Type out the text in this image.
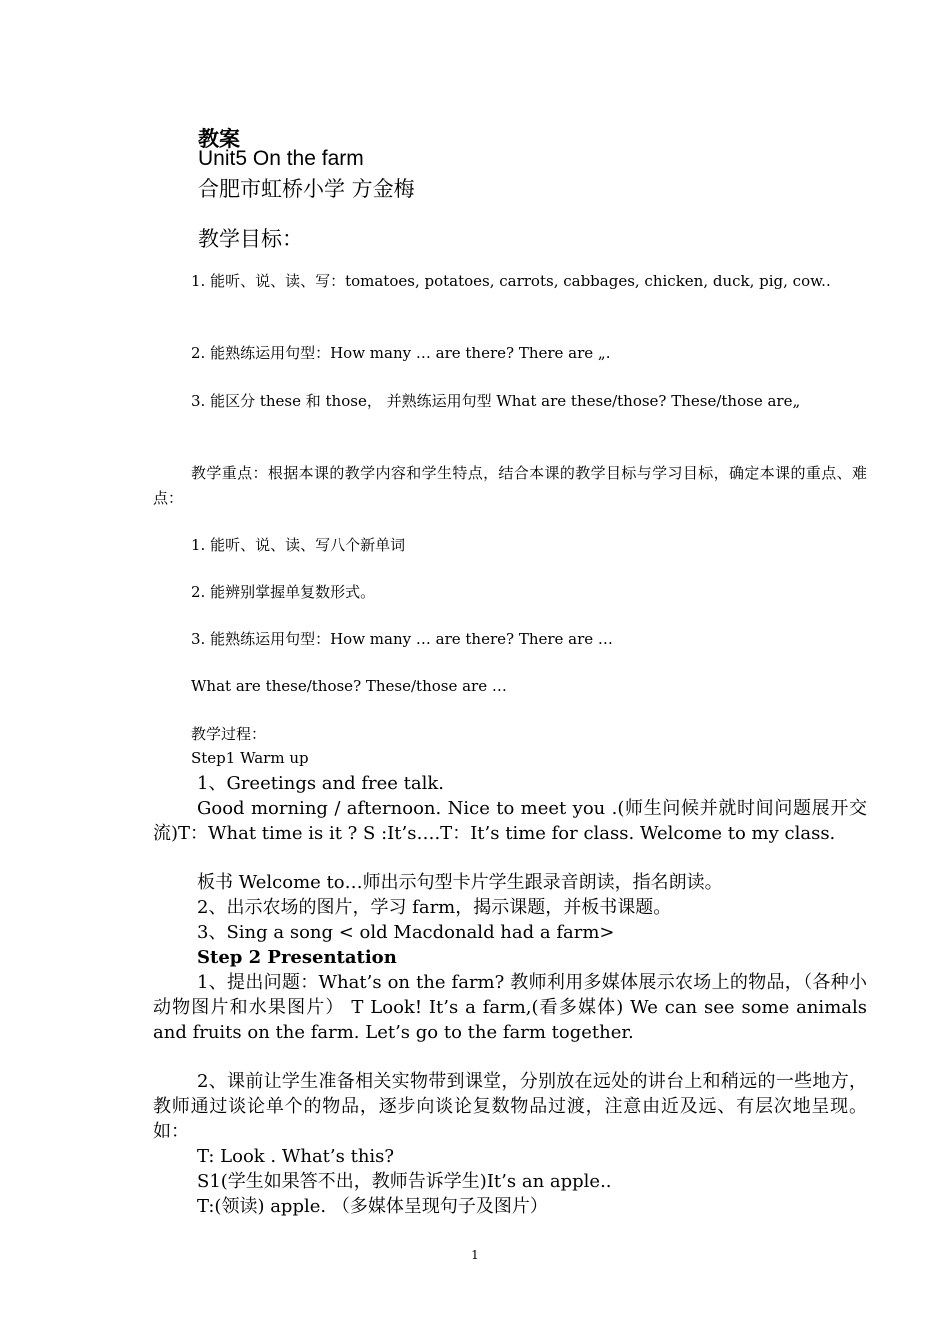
教案
Unit5 On the farm
合肥市虹桥小学 方金梅
教学目标：
1. 能听、说、读、写：tomatoes, potatoes, carrots, cabbages, chicken, duck, pig, cow..
2. 能熟练运用句型：How many … are there? There are „.
3. 能区分 these 和 those， 并熟练运用句型 What are these/those? These/those are„
教学重点：根据本课的教学内容和学生特点，结合本课的教学目标与学习目标，确定本课的重点、难点：
1. 能听、说、读、写八个新单词
2. 能辨别掌握单复数形式。
3. 能熟练运用句型：How many … are there? There are …
What are these/those? These/those are …
教学过程：
Step1 Warm up
1、Greetings and free talk.
Good morning / afternoon. Nice to meet you .(师生问候并就时间问题展开交流)T：What time is it ? S :It’s….T：It’s time for class. Welcome to my class.
板书 Welcome to…师出示句型卡片学生跟录音朗读，指名朗读。
2、出示农场的图片，学习 farm，揭示课题，并板书课题。
3、Sing a song < old Macdonald had a farm>
Step 2 Presentation
1、提出问题：What’s on the farm? 教师利用多媒体展示农场上的物品，（各种小动物图片和水果图片） T Look! It’s a farm,(看多媒体) We can see some animals and fruits on the farm. Let’s go to the farm together.
2、课前让学生准备相关实物带到课堂，分别放在远处的讲台上和稍远的一些地方，教师通过谈论单个的物品，逐步向谈论复数物品过渡，注意由近及远、有层次地呈现。如：
T: Look . What’s this?
S1(学生如果答不出，教师告诉学生)It’s an apple..
T:(领读) apple. （多媒体呈现句子及图片）
1
